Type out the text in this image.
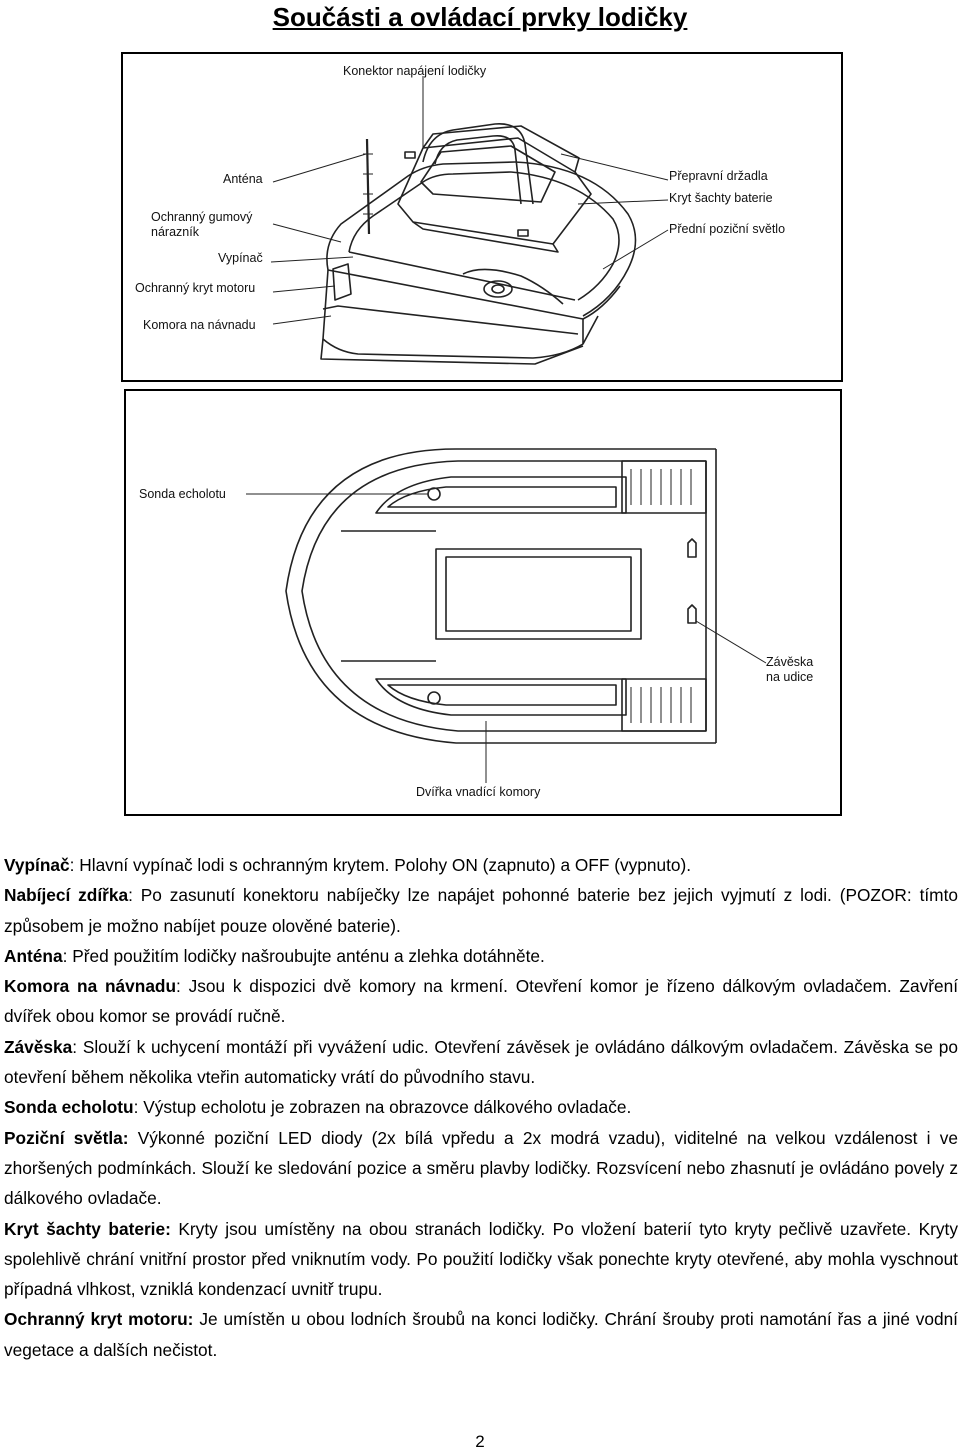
Součásti a ovládací prvky lodičky
Konektor napájení lodičky
Anténa
Ochranný gumový
nárazník
Vypínač
Ochranný kryt motoru
Komora na návnadu
Přepravní držadla
Kryt šachty baterie
Přední poziční světlo
Sonda echolotu
Závěska
na udice
Dvířka vnadící komory

Vypínač: Hlavní vypínač lodi s ochranným krytem. Polohy ON (zapnuto) a OFF (vypnuto).

Nabíjecí zdířka: Po zasunutí konektoru nabíječky lze napájet pohonné baterie bez jejich vyjmutí z lodi. (POZOR: tímto způsobem je možno nabíjet pouze olověné baterie).

Anténa: Před použitím lodičky našroubujte anténu a zlehka dotáhněte.

Komora na návnadu: Jsou k dispozici dvě komory na krmení. Otevření komor je řízeno dálkovým ovladačem. Zavření dvířek obou komor se provádí ručně.

Závěska: Slouží k uchycení montáží při vyvážení udic. Otevření závěsek je ovládáno dálkovým ovladačem. Závěska se po otevření během několika vteřin automaticky vrátí do původního stavu.

Sonda echolotu: Výstup echolotu je zobrazen na obrazovce dálkového ovladače.

Poziční světla: Výkonné poziční LED diody (2x bílá vpředu a 2x modrá vzadu), viditelné na velkou vzdálenost i ve zhoršených podmínkách. Slouží ke sledování pozice a směru plavby lodičky. Rozsvícení nebo zhasnutí je ovládáno povely z dálkového ovladače.

Kryt šachty baterie: Kryty jsou umístěny na obou stranách lodičky. Po vložení baterií tyto kryty pečlivě uzavřete. Kryty spolehlivě chrání vnitřní prostor před vniknutím vody. Po použití lodičky však ponechte kryty otevřené, aby mohla vyschnout případná vlhkost, vzniklá kondenzací uvnitř trupu.

Ochranný kryt motoru: Je umístěn u obou lodních šroubů na konci lodičky. Chrání šrouby proti namotání řas a jiné vodní vegetace a dalších nečistot.

2
